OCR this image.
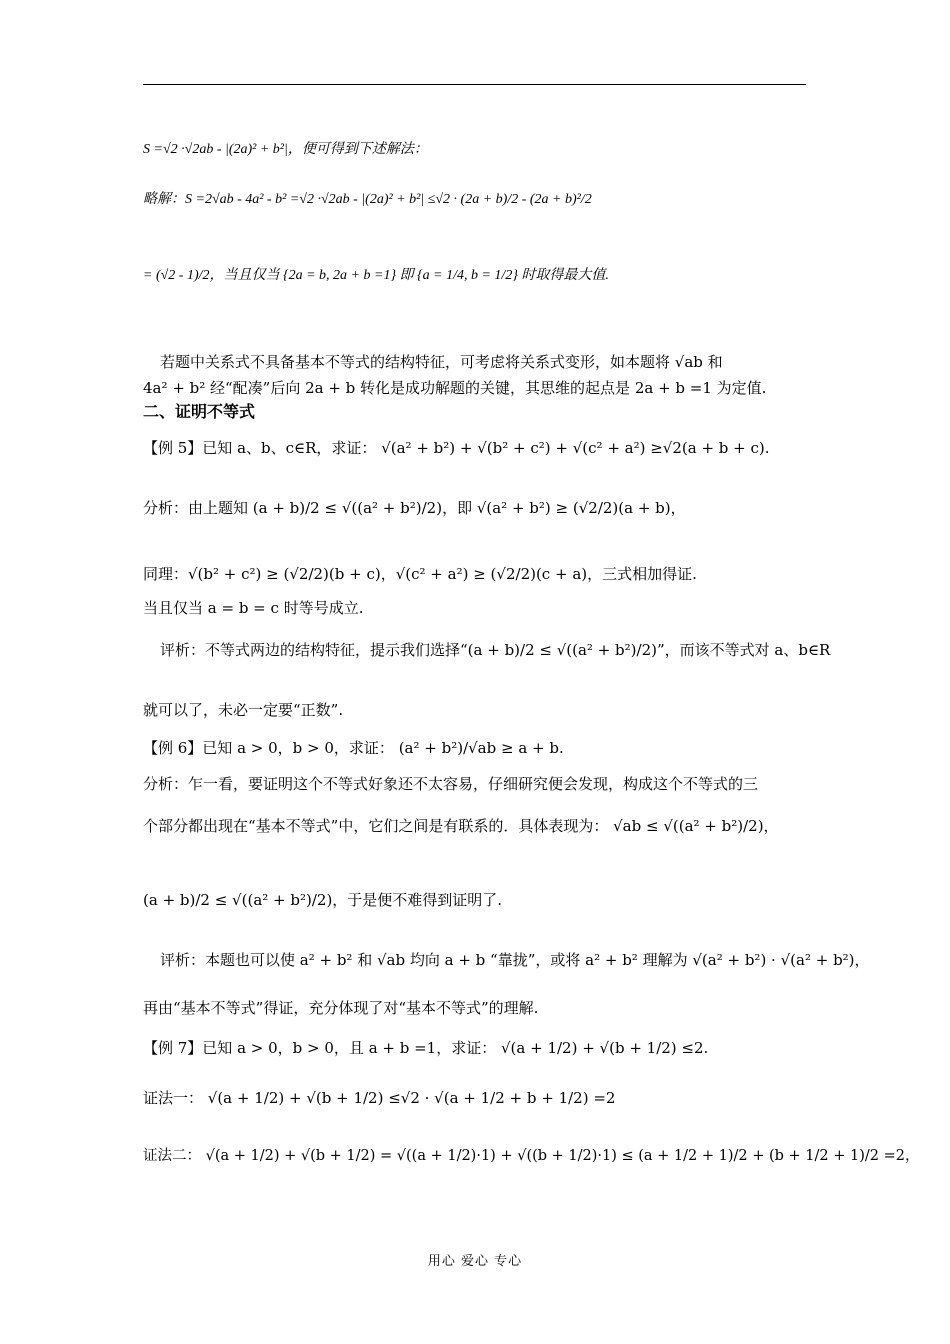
S =√2 ·√2ab - |(2a)² + b²|，便可得到下述解法：
略解：S =2√ab - 4a² - b² =√2 ·√2ab - |(2a)² + b²| ≤√2 · (2a + b)/2 - (2a + b)²/2
= (√2 - 1)/2，当且仅当 {2a = b, 2a + b =1} 即 {a = 1/4, b = 1/2} 时取得最大值.
若题中关系式不具备基本不等式的结构特征，可考虑将关系式变形，如本题将 √ab 和
4a² + b² 经“配凑”后向 2a + b 转化是成功解题的关键，其思维的起点是 2a + b =1 为定值.
二、证明不等式
【例 5】已知 a、b、c∈R，求证： √(a² + b²) + √(b² + c²) + √(c² + a²) ≥√2(a + b + c).
分析：由上题知 (a + b)/2 ≤ √((a² + b²)/2)，即 √(a² + b²) ≥ (√2/2)(a + b)，
同理：√(b² + c²) ≥ (√2/2)(b + c)，√(c² + a²) ≥ (√2/2)(c + a)，三式相加得证.
当且仅当 a = b = c 时等号成立.
评析：不等式两边的结构特征，提示我们选择“(a + b)/2 ≤ √((a² + b²)/2)”，而该不等式对 a、b∈R
就可以了，未必一定要“正数”.
【例 6】已知 a > 0，b > 0，求证： (a² + b²)/√ab ≥ a + b.
分析：乍一看，要证明这个不等式好象还不太容易，仔细研究便会发现，构成这个不等式的三
个部分都出现在“基本不等式”中，它们之间是有联系的．具体表现为： √ab ≤ √((a² + b²)/2)，
(a + b)/2 ≤ √((a² + b²)/2)，于是便不难得到证明了.
评析：本题也可以使 a² + b² 和 √ab 均向 a + b “靠拢”，或将 a² + b² 理解为 √(a² + b²) · √(a² + b²)，
再由“基本不等式”得证，充分体现了对“基本不等式”的理解.
【例 7】已知 a > 0，b > 0，且 a + b =1，求证： √(a + 1/2) + √(b + 1/2) ≤2.
证法一： √(a + 1/2) + √(b + 1/2) ≤√2 · √(a + 1/2 + b + 1/2) =2
证法二： √(a + 1/2) + √(b + 1/2) = √((a + 1/2)·1) + √((b + 1/2)·1) ≤ (a + 1/2 + 1)/2 + (b + 1/2 + 1)/2 =2，
用心 爱心 专心
